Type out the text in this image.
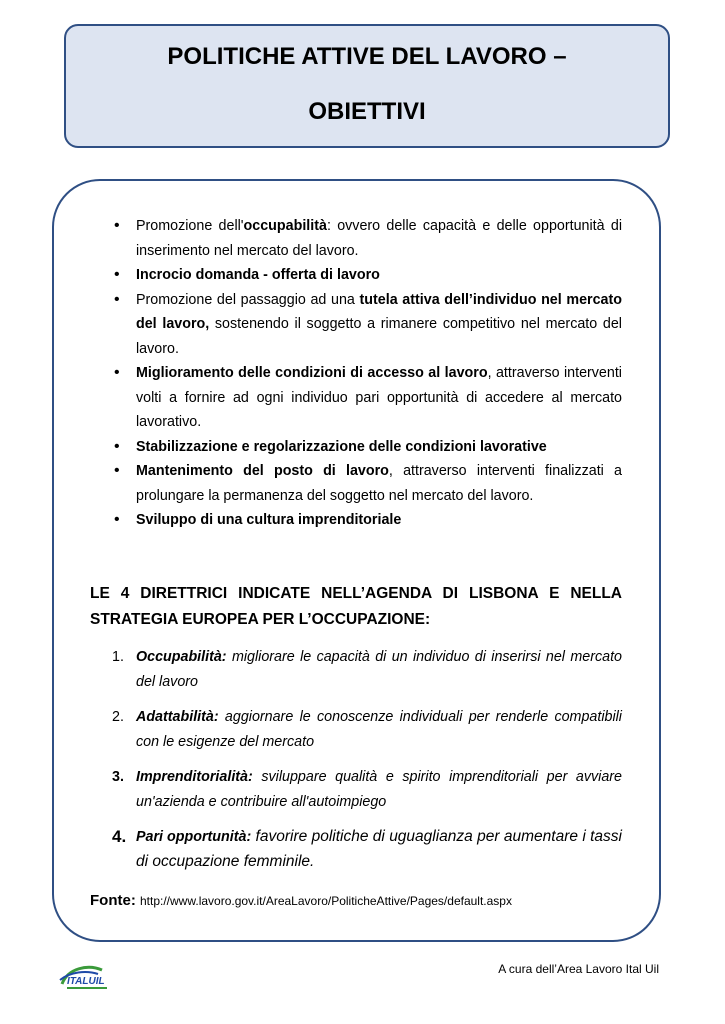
POLITICHE ATTIVE DEL LAVORO –
OBIETTIVI
• Promozione dell'occupabilità: ovvero delle capacità e delle opportunità di inserimento nel mercato del lavoro.
• Incrocio domanda - offerta di lavoro
• Promozione del passaggio ad una tutela attiva dell’individuo nel mercato del lavoro, sostenendo il soggetto a rimanere competitivo nel mercato del lavoro.
• Miglioramento delle condizioni di accesso al lavoro, attraverso interventi volti a fornire ad ogni individuo pari opportunità di accedere al mercato lavorativo.
• Stabilizzazione e regolarizzazione delle condizioni lavorative
• Mantenimento del posto di lavoro, attraverso interventi finalizzati a prolungare la permanenza del soggetto nel mercato del lavoro.
• Sviluppo di una cultura imprenditoriale

LE 4 DIRETTRICI INDICATE NELL’AGENDA DI LISBONA E NELLA STRATEGIA EUROPEA PER L’OCCUPAZIONE:

1. Occupabilità: migliorare le capacità di un individuo di inserirsi nel mercato del lavoro
2. Adattabilità: aggiornare le conoscenze individuali per renderle compatibili con le esigenze del mercato
3. Imprenditorialità: sviluppare qualità e spirito imprenditoriali per avviare un'azienda e contribuire all'autoimpiego
4. Pari opportunità: favorire politiche di uguaglianza per aumentare i tassi di occupazione femminile.
Fonte: http://www.lavoro.gov.it/AreaLavoro/PoliticheAttive/Pages/default.aspx
ITALUIL
A cura dell’Area Lavoro Ital Uil
